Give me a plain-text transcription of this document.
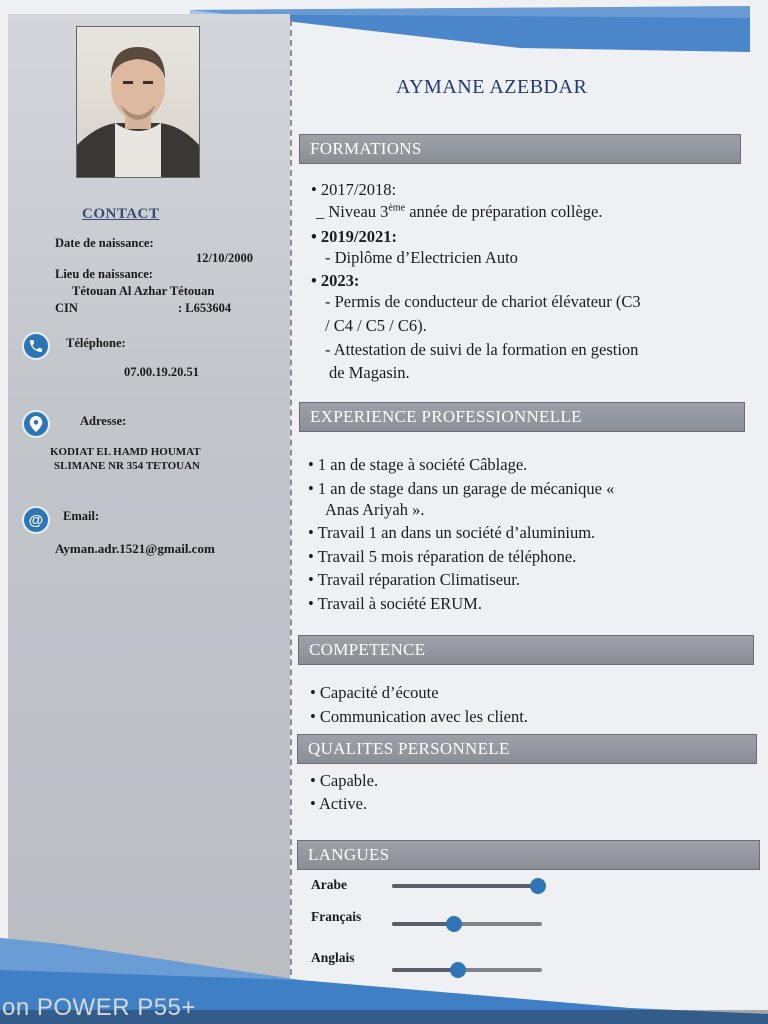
CONTACT
Date de naissance:
12/10/2000
Lieu de naissance:
Tétouan Al Azhar Tétouan
CIN	: L653604
Téléphone:
07.00.19.20.51
Adresse:
KODIAT EL HAMD HOUMAT
SLIMANE NR 354 TETOUAN
@ Email:
Ayman.adr.1521@gmail.com
AYMANE AZEBDAR
FORMATIONS
• 2017/2018:
_ Niveau 3ème année de préparation collège.
• 2019/2021:
- Diplôme d’Electricien Auto
• 2023:
- Permis de conducteur de chariot élévateur (C3
/ C4 / C5 / C6).
- Attestation de suivi de la formation en gestion
de Magasin.
EXPERIENCE PROFESSIONNELLE
• 1 an de stage à société Câblage.
• 1 an de stage dans un garage de mécanique «
Anas Ariyah ».
• Travail 1 an dans un société d’aluminium.
• Travail 5 mois réparation de téléphone.
• Travail réparation Climatiseur.
• Travail à société ERUM.
COMPETENCE
• Capacité d’écoute
• Communication avec les client.
QUALITES PERSONNELE
• Capable.
• Active.
LANGUES
Arabe
Français
Anglais
on POWER P55+
